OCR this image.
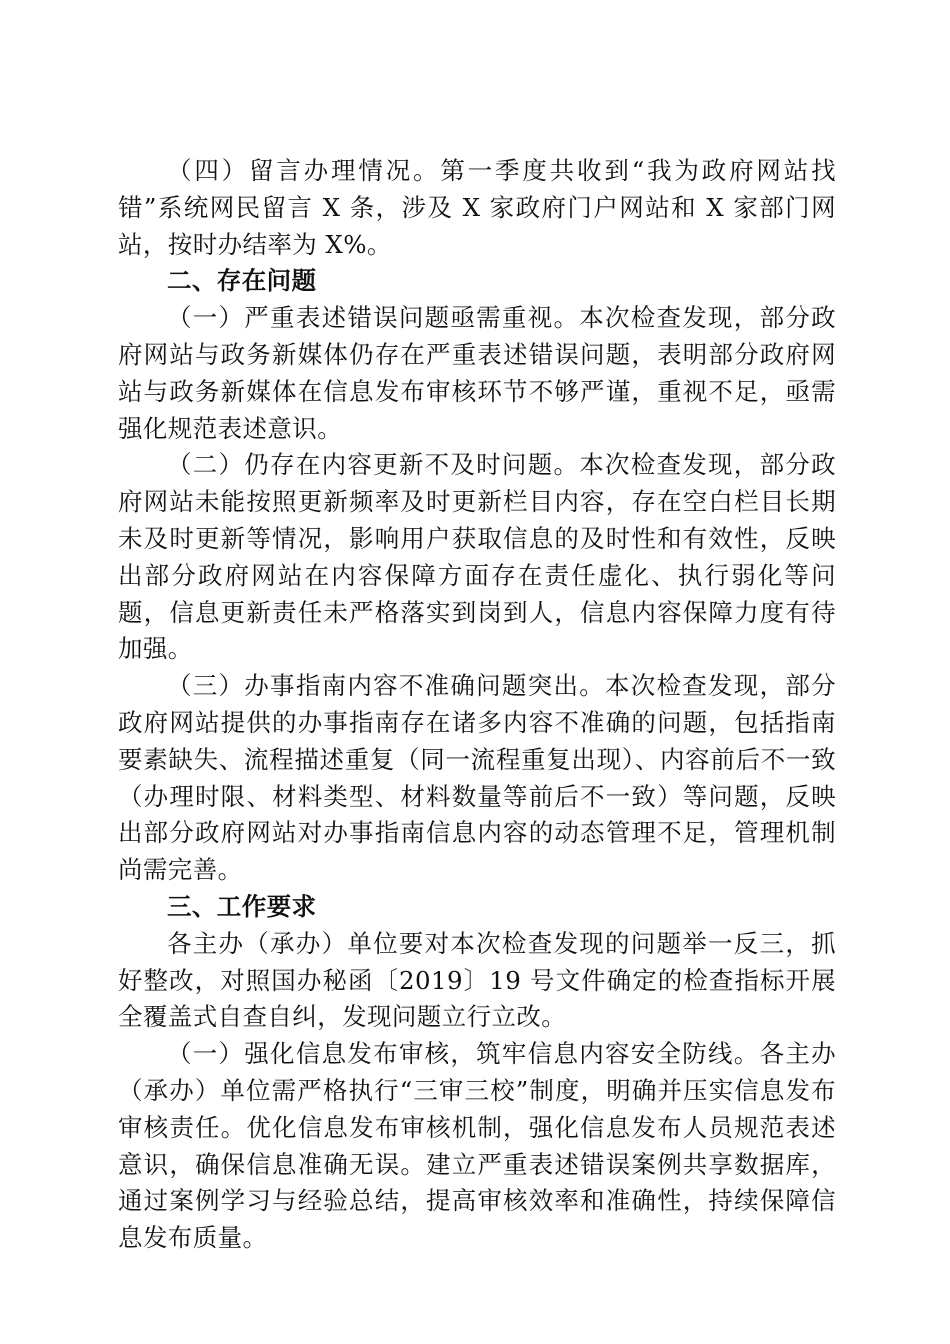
（四）留言办理情况。第一季度共收到“我为政府网站找错”系统网民留言 X 条，涉及 X 家政府门户网站和 X 家部门网站，按时办结率为 X%。

二、存在问题

（一）严重表述错误问题亟需重视。本次检查发现，部分政府网站与政务新媒体仍存在严重表述错误问题，表明部分政府网站与政务新媒体在信息发布审核环节不够严谨，重视不足，亟需强化规范表述意识。

（二）仍存在内容更新不及时问题。本次检查发现，部分政府网站未能按照更新频率及时更新栏目内容，存在空白栏目长期未及时更新等情况，影响用户获取信息的及时性和有效性，反映出部分政府网站在内容保障方面存在责任虚化、执行弱化等问题，信息更新责任未严格落实到岗到人，信息内容保障力度有待加强。

（三）办事指南内容不准确问题突出。本次检查发现，部分政府网站提供的办事指南存在诸多内容不准确的问题，包括指南要素缺失、流程描述重复（同一流程重复出现）、内容前后不一致（办理时限、材料类型、材料数量等前后不一致）等问题，反映出部分政府网站对办事指南信息内容的动态管理不足，管理机制尚需完善。

三、工作要求

各主办（承办）单位要对本次检查发现的问题举一反三，抓好整改，对照国办秘函〔2019〕19 号文件确定的检查指标开展全覆盖式自查自纠，发现问题立行立改。

（一）强化信息发布审核，筑牢信息内容安全防线。各主办（承办）单位需严格执行“三审三校”制度，明确并压实信息发布审核责任。优化信息发布审核机制，强化信息发布人员规范表述意识，确保信息准确无误。建立严重表述错误案例共享数据库，通过案例学习与经验总结，提高审核效率和准确性，持续保障信息发布质量。
